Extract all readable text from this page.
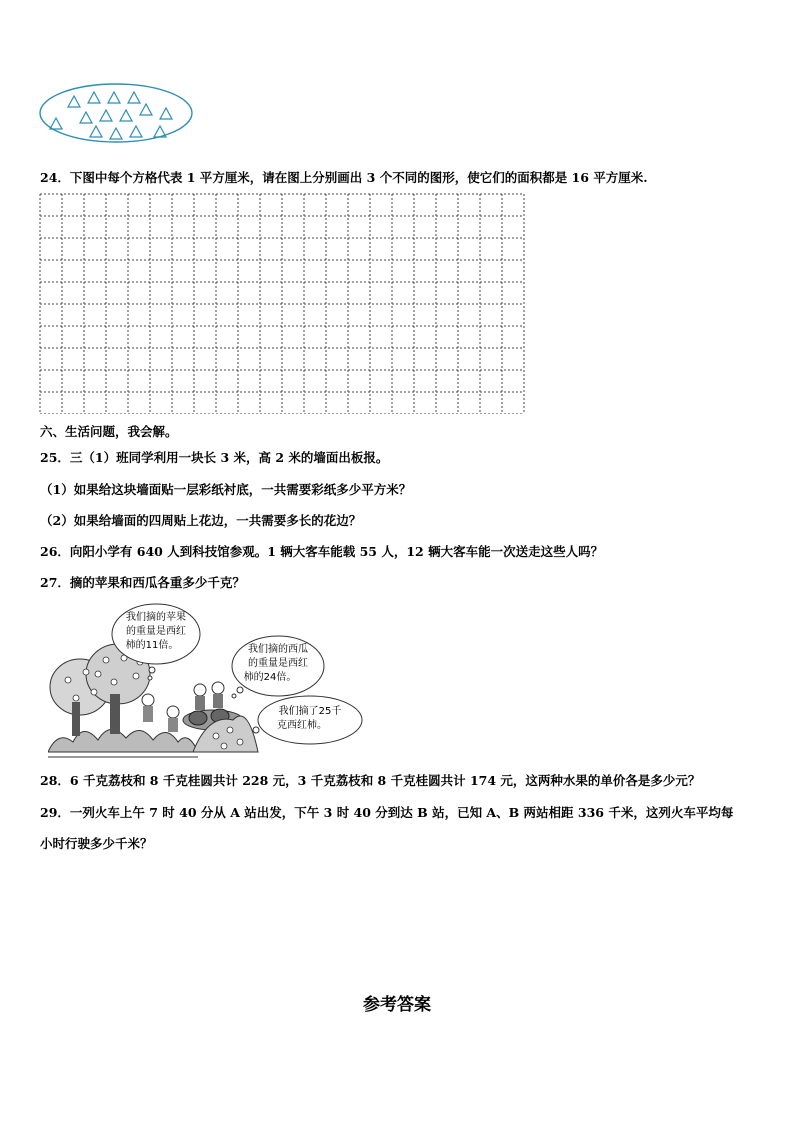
24．下图中每个方格代表 1 平方厘米，请在图上分别画出 3 个不同的图形，使它们的面积都是 16 平方厘米.
六、生活问题，我会解。
25．三（1）班同学利用一块长 3 米，高 2 米的墙面出板报。
（1）如果给这块墙面贴一层彩纸衬底，一共需要彩纸多少平方米？
（2）如果给墙面的四周贴上花边，一共需要多长的花边？
26．向阳小学有 640 人到科技馆参观。1 辆大客车能载 55 人，12 辆大客车能一次送走这些人吗？
27．摘的苹果和西瓜各重多少千克？
我们摘的苹果
的重量是西红
柿的11倍。	我们摘的西瓜
的重量是西红
柿的24倍。
我们摘了25千
克西红柿。
28．6 千克荔枝和 8 千克桂圆共计 228 元，3 千克荔枝和 8 千克桂圆共计 174 元，这两种水果的单价各是多少元？
29．一列火车上午 7 时 40 分从 A 站出发，下午 3 时 40 分到达 B 站，已知 A、B 两站相距 336 千米，这列火车平均每
小时行驶多少千米？
参考答案
